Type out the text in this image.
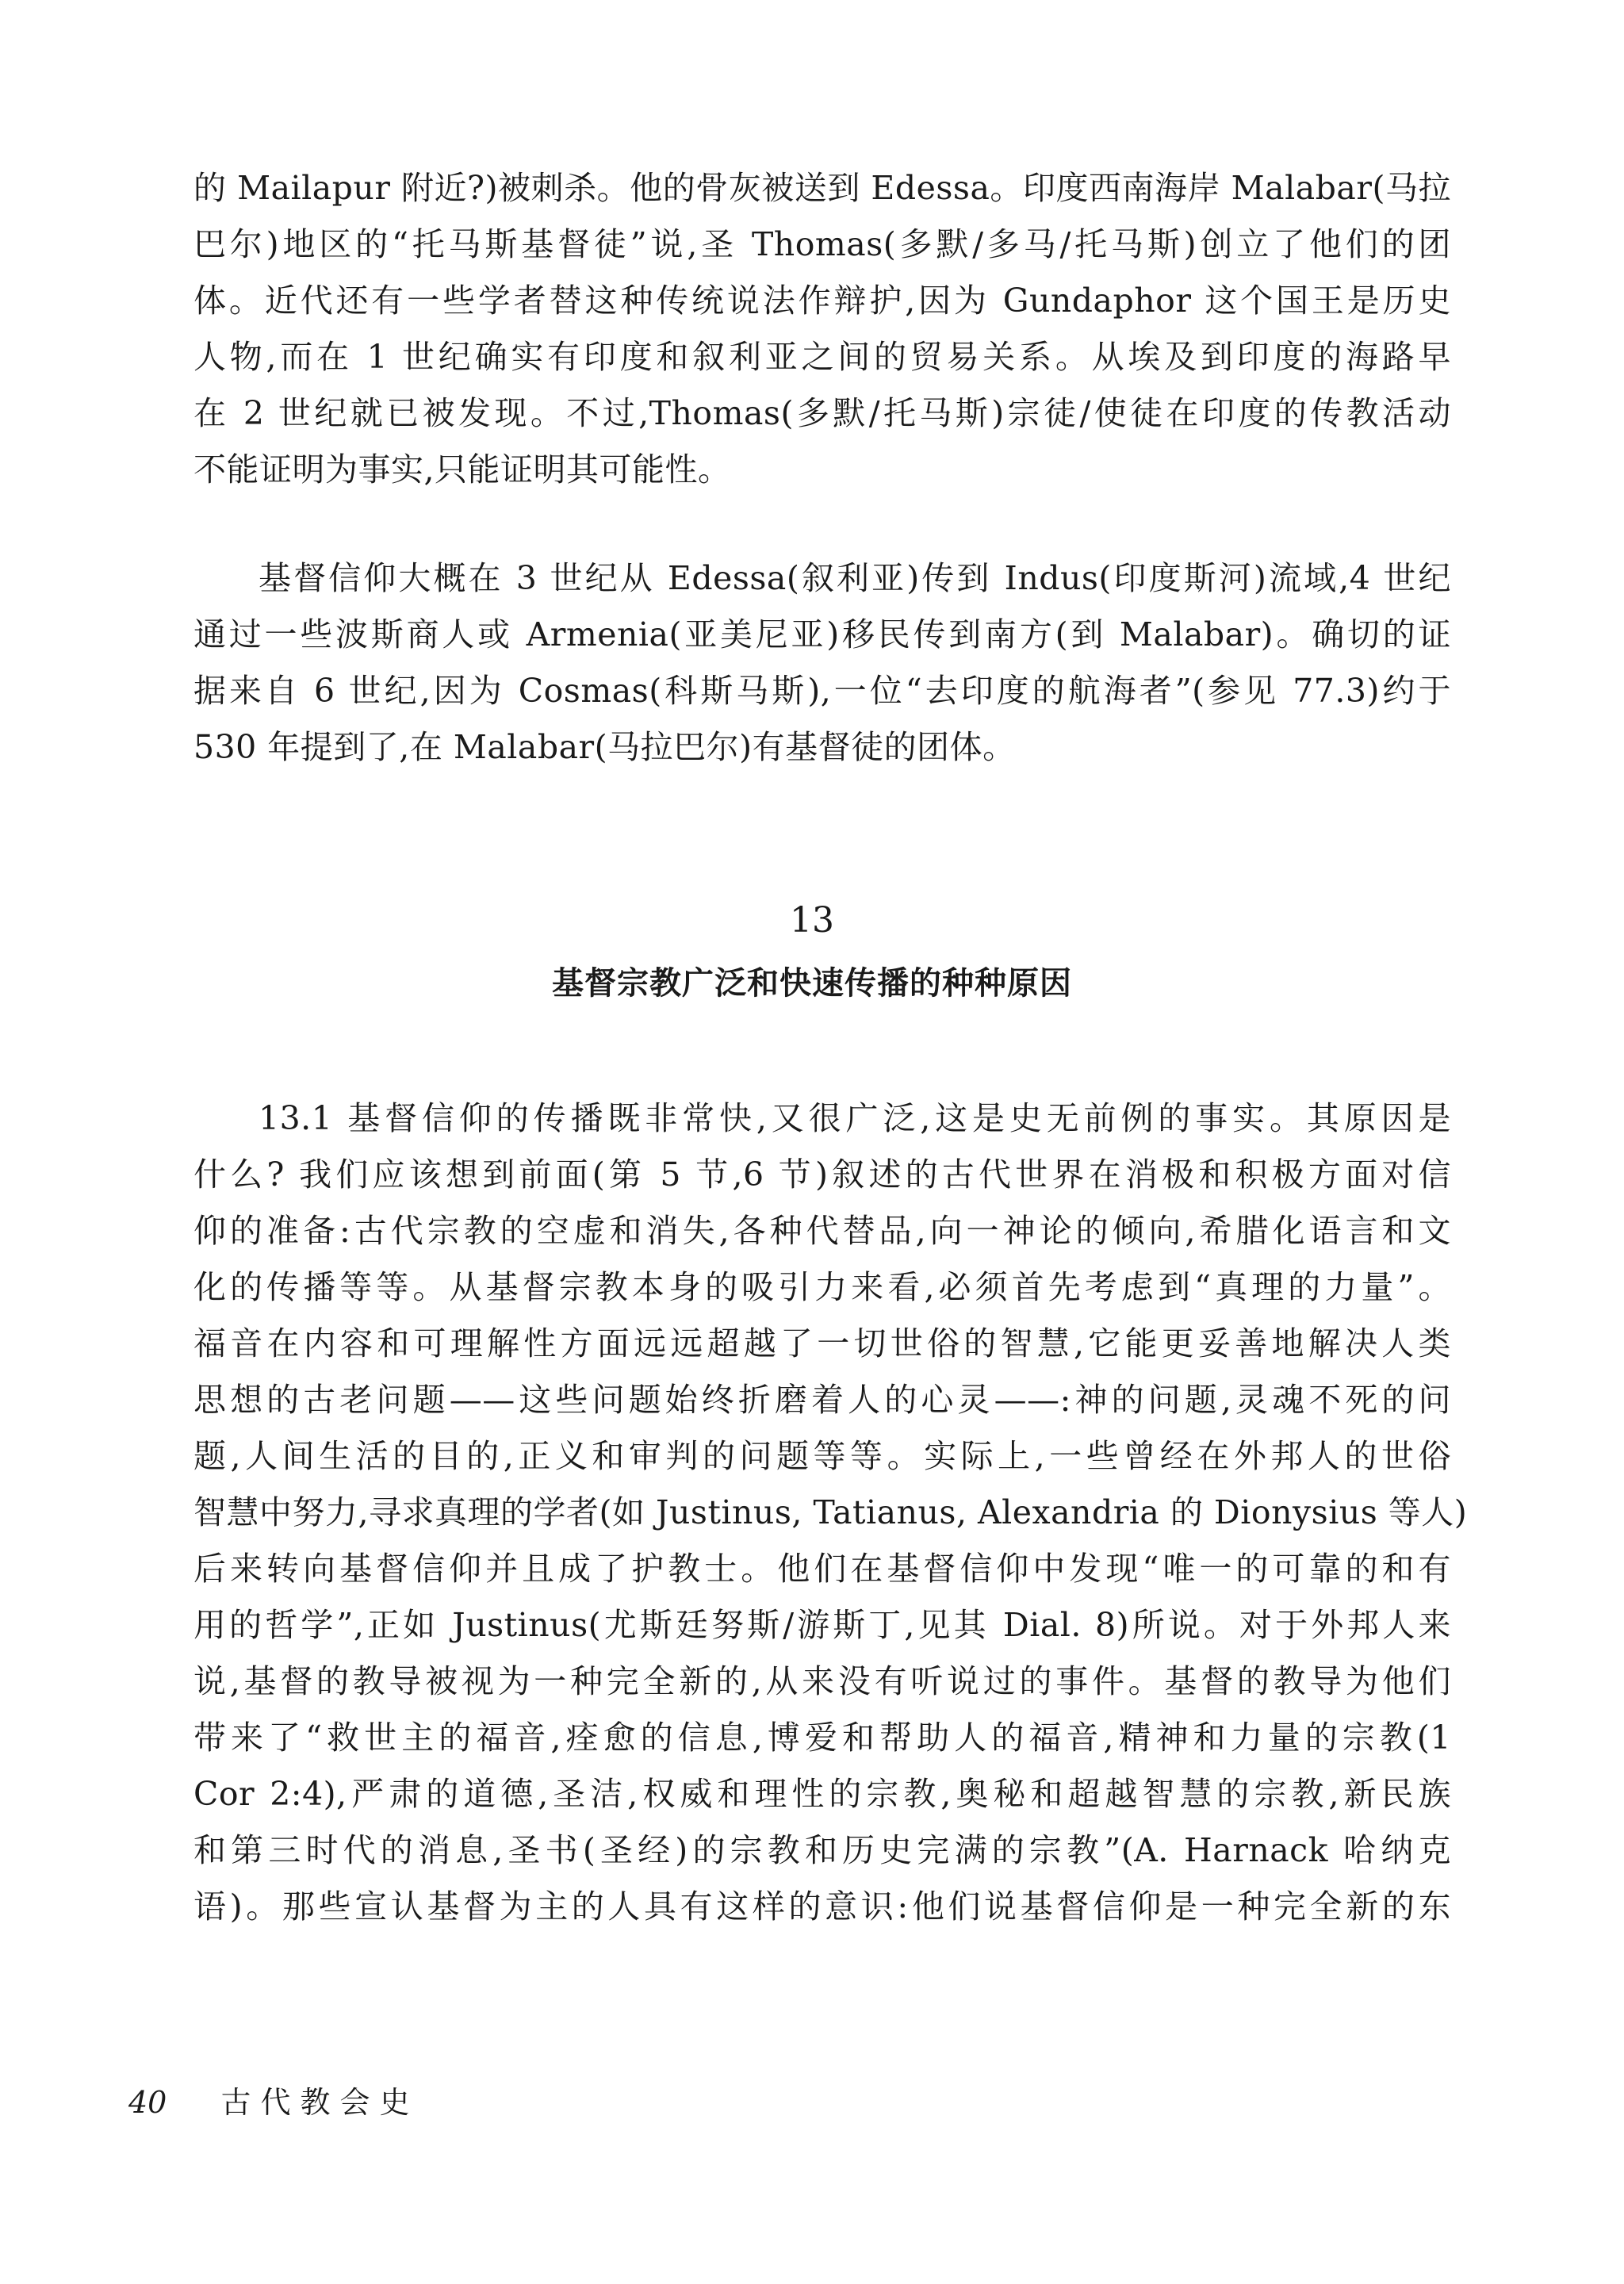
的 Mailapur 附近?)被刺杀。他的骨灰被送到 Edessa。印度西南海岸 Malabar(马拉
巴尔)地区的“托马斯基督徒”说,圣 Thomas(多默/多马/托马斯)创立了他们的团
体。近代还有一些学者替这种传统说法作辩护,因为 Gundaphor 这个国王是历史
人物,而在 1 世纪确实有印度和叙利亚之间的贸易关系。从埃及到印度的海路早
在 2 世纪就已被发现。不过,Thomas(多默/托马斯)宗徒/使徒在印度的传教活动
不能证明为事实,只能证明其可能性。
基督信仰大概在 3 世纪从 Edessa(叙利亚)传到 Indus(印度斯河)流域,4 世纪
通过一些波斯商人或 Armenia(亚美尼亚)移民传到南方(到 Malabar)。确切的证
据来自 6 世纪,因为 Cosmas(科斯马斯),一位“去印度的航海者”(参见 77.3)约于
530 年提到了,在 Malabar(马拉巴尔)有基督徒的团体。
13
基督宗教广泛和快速传播的种种原因
13.1 基督信仰的传播既非常快,又很广泛,这是史无前例的事实。其原因是
什么? 我们应该想到前面(第 5 节,6 节)叙述的古代世界在消极和积极方面对信
仰的准备:古代宗教的空虚和消失,各种代替品,向一神论的倾向,希腊化语言和文
化的传播等等。从基督宗教本身的吸引力来看,必须首先考虑到“真理的力量”。
福音在内容和可理解性方面远远超越了一切世俗的智慧,它能更妥善地解决人类
思想的古老问题——这些问题始终折磨着人的心灵——:神的问题,灵魂不死的问
题,人间生活的目的,正义和审判的问题等等。实际上,一些曾经在外邦人的世俗
智慧中努力,寻求真理的学者(如 Justinus, Tatianus, Alexandria 的 Dionysius 等人)
后来转向基督信仰并且成了护教士。他们在基督信仰中发现“唯一的可靠的和有
用的哲学”,正如 Justinus(尤斯廷努斯/游斯丁,见其 Dial. 8)所说。对于外邦人来
说,基督的教导被视为一种完全新的,从来没有听说过的事件。基督的教导为他们
带来了“救世主的福音,痊愈的信息,博爱和帮助人的福音,精神和力量的宗教(1
Cor 2:4),严肃的道德,圣洁,权威和理性的宗教,奥秘和超越智慧的宗教,新民族
和第三时代的消息,圣书(圣经)的宗教和历史完满的宗教”(A. Harnack 哈纳克
语)。那些宣认基督为主的人具有这样的意识:他们说基督信仰是一种完全新的东
40 古代教会史
